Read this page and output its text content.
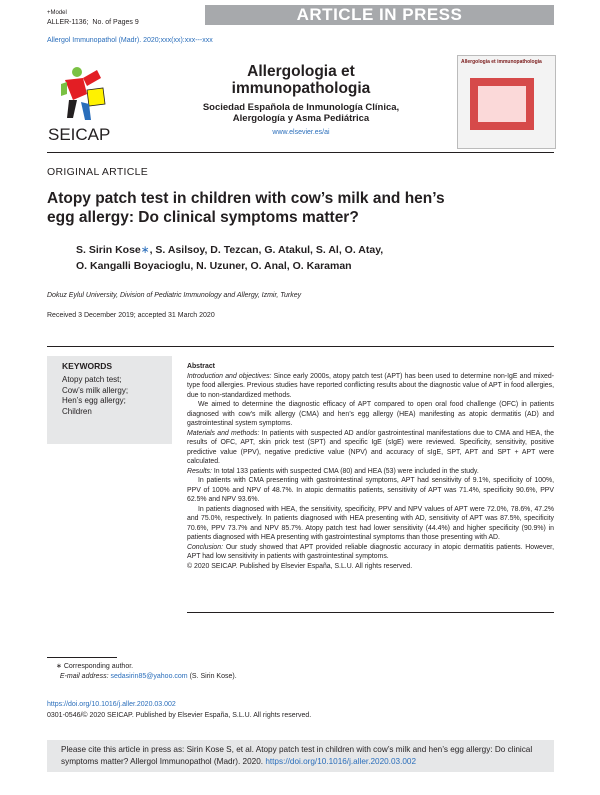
+Model
ALLER-1136; No. of Pages 9	ARTICLE IN PRESS
Allergol Immunopathol (Madr). 2020;xxx(xx):xxx---xxx
SEICAP
Allergologia et
immunopathologia
Sociedad Española de Inmunología Clínica,
Alergología y Asma Pediátrica
www.elsevier.es/ai
Allergologia et immunopathologia
ORIGINAL ARTICLE
Atopy patch test in children with cow’s milk and hen’s
egg allergy: Do clinical symptoms matter?
S. Sirin Kose∗, S. Asilsoy, D. Tezcan, G. Atakul, S. Al, O. Atay,
O. Kangalli Boyacioglu, N. Uzuner, O. Anal, O. Karaman
Dokuz Eylul University, Division of Pediatric Immunology and Allergy, Izmir, Turkey
Received 3 December 2019; accepted 31 March 2020
KEYWORDS
Atopy patch test;
Cow’s milk allergy;
Hen’s egg allergy;
Children

Abstract

Introduction and objectives: Since early 2000s, atopy patch test (APT) has been used to determine non-IgE and mixed-type food allergies. Previous studies have reported conflicting results about the diagnostic value of APT in food allergies, due to non-standardized methods.

We aimed to determine the diagnostic efficacy of APT compared to open oral food challenge (OFC) in patients diagnosed with cow’s milk allergy (CMA) and hen’s egg allergy (HEA) manifesting as atopic dermatitis (AD) and gastrointestinal system symptoms.

Materials and methods: In patients with suspected AD and/or gastrointestinal manifestations due to CMA and HEA, the results of OFC, APT, skin prick test (SPT) and specific IgE (sIgE) were reviewed. Specificity, sensitivity, positive predictive value (PPV), negative predictive value (NPV) and accuracy of sIgE, SPT, APT and SPT + APT were calculated.

Results: In total 133 patients with suspected CMA (80) and HEA (53) were included in the study.

In patients with CMA presenting with gastrointestinal symptoms, APT had sensitivity of 9.1%, specificity of 100%, PPV of 100% and NPV of 48.7%. In atopic dermatitis patients, sensitivity of APT was 71.4%, specificity 90.6%, PPV 62.5% and NPV 93.6%.

In patients diagnosed with HEA, the sensitivity, specificity, PPV and NPV values of APT were 72.0%, 78.6%, 47.2% and 75.0%, respectively. In patients diagnosed with HEA presenting with AD, sensitivity of APT was 87.5%, specificity 70.6%, PPV 73.7% and NPV 85.7%. Atopy patch test had lower sensitivity (44.4%) and higher specificity (90.9%) in patients diagnosed with HEA presenting with gastrointestinal symptoms than those presenting with AD.

Conclusion: Our study showed that APT provided reliable diagnostic accuracy in atopic dermatitis patients. However, APT had low sensitivity in patients with gastrointestinal symptoms.

© 2020 SEICAP. Published by Elsevier España, S.L.U. All rights reserved.

∗ Corresponding author.
E-mail address: sedasirin85@yahoo.com (S. Sirin Kose).
https://doi.org/10.1016/j.aller.2020.03.002
0301-0546/© 2020 SEICAP. Published by Elsevier España, S.L.U. All rights reserved.
Please cite this article in press as: Sirin Kose S, et al. Atopy patch test in children with cow’s milk and hen’s egg allergy: Do clinical symptoms matter? Allergol Immunopathol (Madr). 2020. https://doi.org/10.1016/j.aller.2020.03.002
